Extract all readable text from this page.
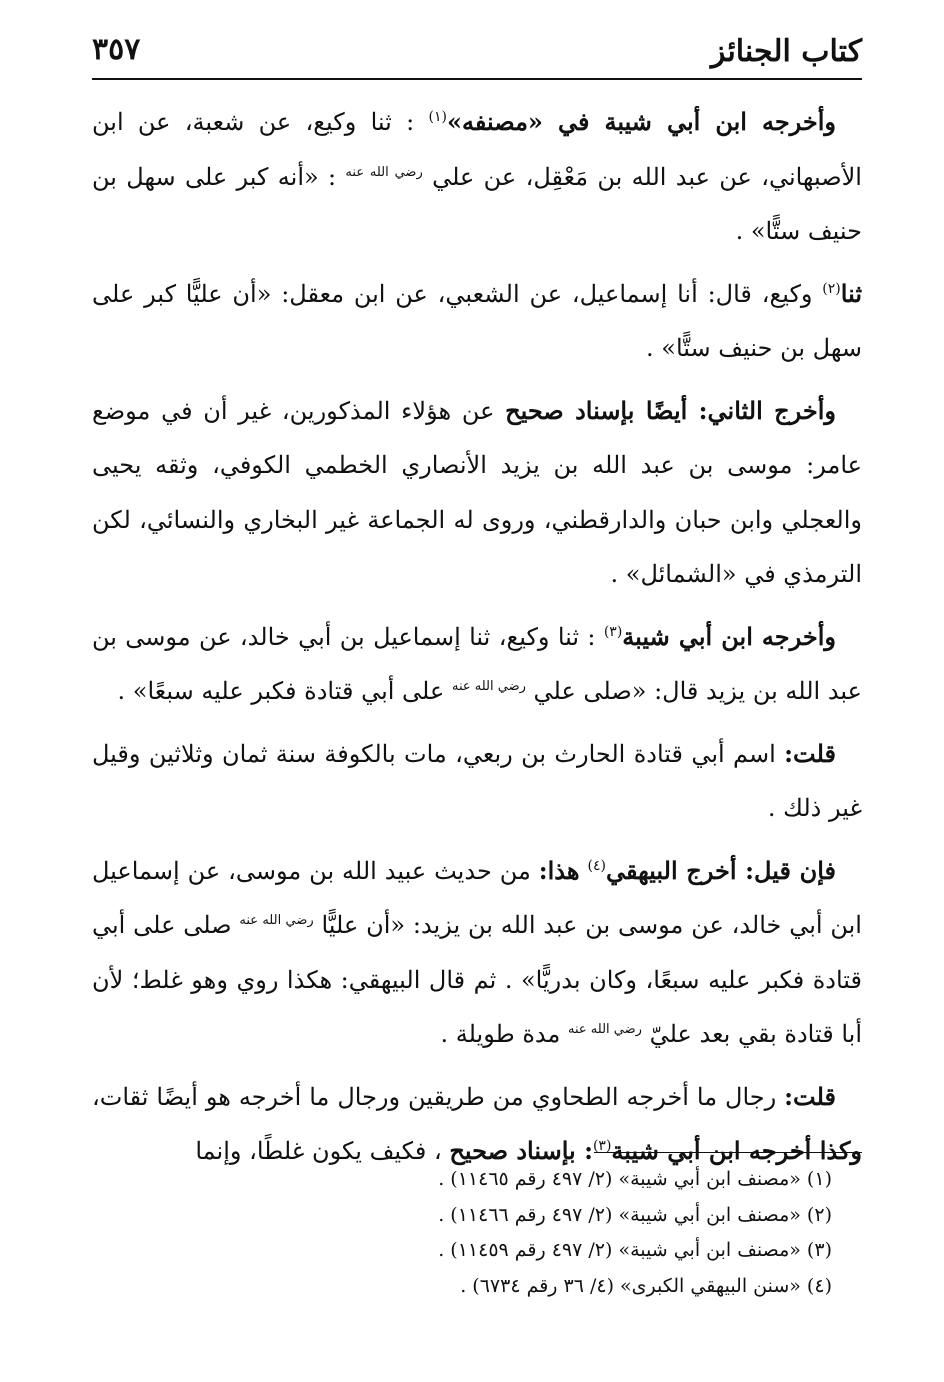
كتاب الجنائز
٣٥٧

وأخرجه ابن أبي شيبة في «مصنفه»$^{(١)}$ : ثنا وكيع، عن شعبة، عن ابن الأصبهاني، عن عبد الله بن مَعْقِل، عن علي $^{رضي الله عنه}$ : «أنه كبر على سهل بن حنيف ستًّا» .

ثنا$^{(٢)}$ وكيع، قال: أنا إسماعيل، عن الشعبي، عن ابن معقل: «أن عليًّا كبر على سهل بن حنيف ستًّا» .

وأخرج الثاني: أيضًا بإسناد صحيح عن هؤلاء المذكورين، غير أن في موضع عامر: موسى بن عبد الله بن يزيد الأنصاري الخطمي الكوفي، وثقه يحيى والعجلي وابن حبان والدارقطني، وروى له الجماعة غير البخاري والنسائي، لكن الترمذي في «الشمائل» .

وأخرجه ابن أبي شيبة$^{(٣)}$ : ثنا وكيع، ثنا إسماعيل بن أبي خالد، عن موسى بن عبد الله بن يزيد قال: «صلى علي $^{رضي الله عنه}$ على أبي قتادة فكبر عليه سبعًا» .

قلت: اسم أبي قتادة الحارث بن ربعي، مات بالكوفة سنة ثمان وثلاثين وقيل غير ذلك .

فإن قيل: أخرج البيهقي$^{(٤)}$ هذا: من حديث عبيد الله بن موسى، عن إسماعيل ابن أبي خالد، عن موسى بن عبد الله بن يزيد: «أن عليًّا $^{رضي الله عنه}$ صلى على أبي قتادة فكبر عليه سبعًا، وكان بدريًّا» . ثم قال البيهقي: هكذا روي وهو غلط؛ لأن أبا قتادة بقي بعد عليّ $^{رضي الله عنه}$ مدة طويلة .

قلت: رجال ما أخرجه الطحاوي من طريقين ورجال ما أخرجه هو أيضًا ثقات، وكذا أخرجه ابن أبي شيبة$^{(٣)}$: بإسناد صحيح ، فكيف يكون غلطًا، وإنما

(١) «مصنف ابن أبي شيبة» (٢/ ٤٩٧ رقم ١١٤٦٥) .

(٢) «مصنف ابن أبي شيبة» (٢/ ٤٩٧ رقم ١١٤٦٦) .

(٣) «مصنف ابن أبي شيبة» (٢/ ٤٩٧ رقم ١١٤٥٩) .

(٤) «سنن البيهقي الكبرى» (٤/ ٣٦ رقم ٦٧٣٤) .
